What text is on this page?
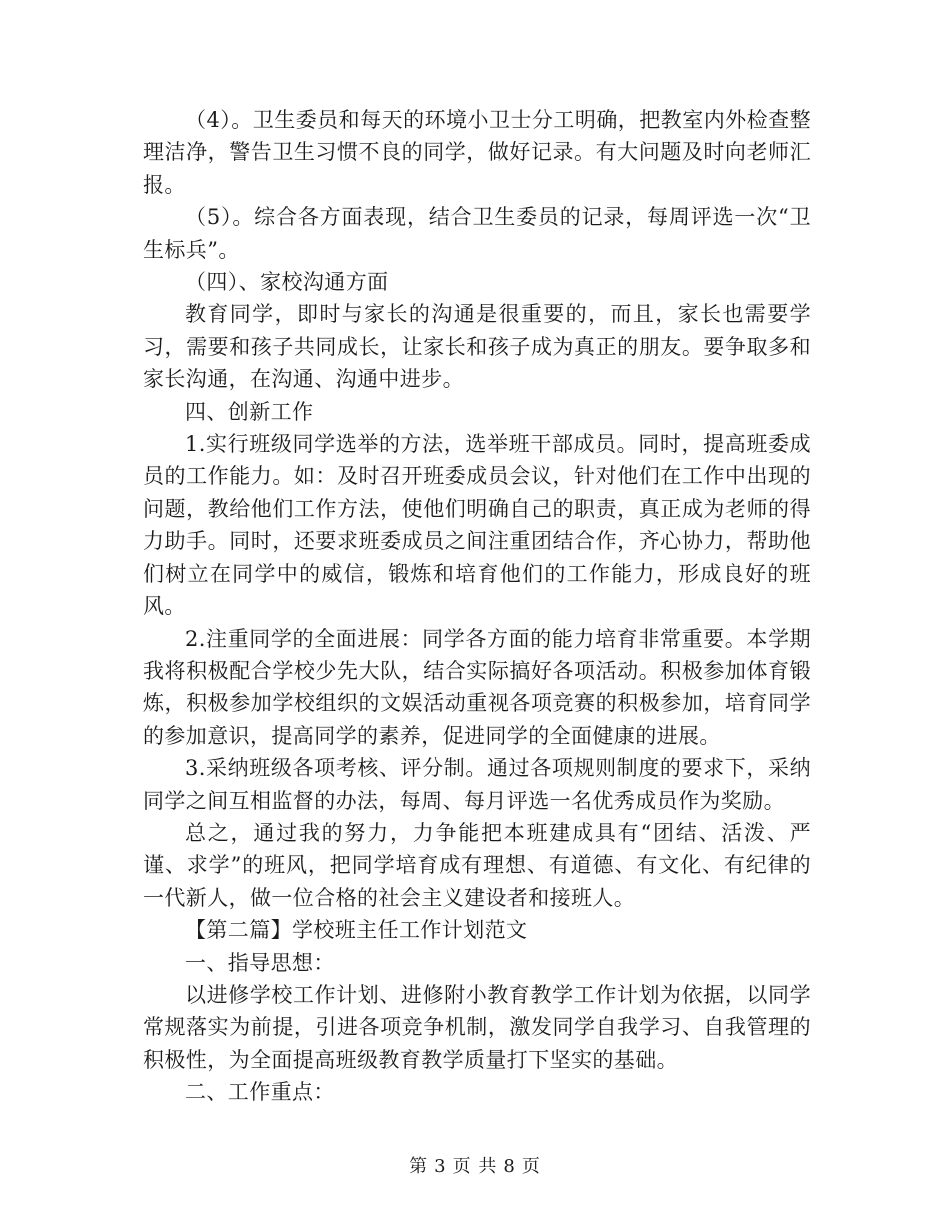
（4）。卫生委员和每天的环境小卫士分工明确，把教室内外检查整理洁净，警告卫生习惯不良的同学，做好记录。有大问题及时向老师汇报。

（5）。综合各方面表现，结合卫生委员的记录，每周评选一次“卫生标兵”。

（四）、家校沟通方面

教育同学，即时与家长的沟通是很重要的，而且，家长也需要学习，需要和孩子共同成长，让家长和孩子成为真正的朋友。要争取多和家长沟通，在沟通、沟通中进步。

四、创新工作

1.实行班级同学选举的方法，选举班干部成员。同时，提高班委成员的工作能力。如：及时召开班委成员会议，针对他们在工作中出现的问题，教给他们工作方法，使他们明确自己的职责，真正成为老师的得力助手。同时，还要求班委成员之间注重团结合作，齐心协力，帮助他们树立在同学中的威信，锻炼和培育他们的工作能力，形成良好的班风。

2.注重同学的全面进展：同学各方面的能力培育非常重要。本学期我将积极配合学校少先大队，结合实际搞好各项活动。积极参加体育锻炼，积极参加学校组织的文娱活动重视各项竞赛的积极参加，培育同学的参加意识，提高同学的素养，促进同学的全面健康的进展。

3.采纳班级各项考核、评分制。通过各项规则制度的要求下，采纳同学之间互相监督的办法，每周、每月评选一名优秀成员作为奖励。

总之，通过我的努力，力争能把本班建成具有“团结、活泼、严谨、求学”的班风，把同学培育成有理想、有道德、有文化、有纪律的一代新人，做一位合格的社会主义建设者和接班人。

【第二篇】学校班主任工作计划范文

一、指导思想：

以进修学校工作计划、进修附小教育教学工作计划为依据，以同学常规落实为前提，引进各项竞争机制，激发同学自我学习、自我管理的积极性，为全面提高班级教育教学质量打下坚实的基础。

二、工作重点：

第 3 页 共 8 页
